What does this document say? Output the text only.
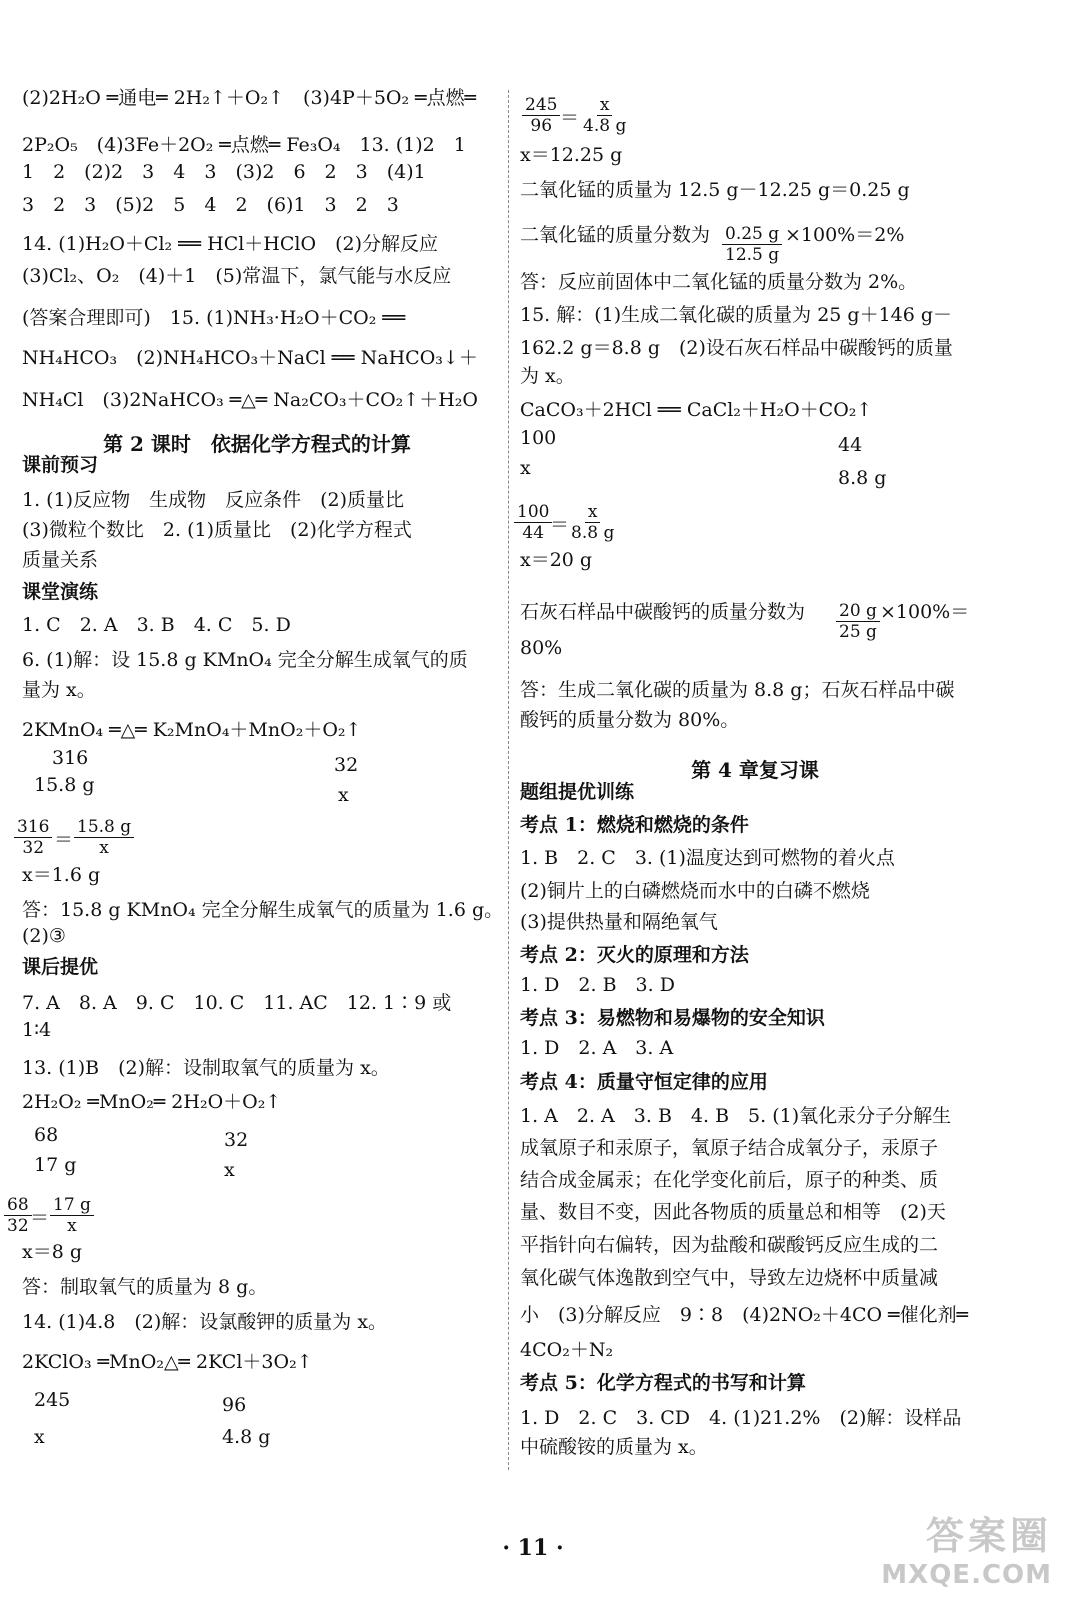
(2)2H₂O ═通电═ 2H₂↑＋O₂↑　(3)4P＋5O₂ ═点燃═
2P₂O₅　(4)3Fe＋2O₂ ═点燃═ Fe₃O₄　13. (1)2　1
1　2　(2)2　3　4　3　(3)2　6　2　3　(4)1
3　2　3　(5)2　5　4　2　(6)1　3　2　3
14. (1)H₂O＋Cl₂ ══ HCl＋HClO　(2)分解反应
(3)Cl₂、O₂　(4)＋1　(5)常温下，氯气能与水反应
(答案合理即可)　15. (1)NH₃·H₂O＋CO₂ ══
NH₄HCO₃　(2)NH₄HCO₃＋NaCl ══ NaHCO₃↓＋
NH₄Cl　(3)2NaHCO₃ ═△═ Na₂CO₃＋CO₂↑＋H₂O
课前预习
1. (1)反应物　生成物　反应条件　(2)质量比
(3)微粒个数比　2. (1)质量比　(2)化学方程式
质量关系
课堂演练
1. C　2. A　3. B　4. C　5. D
6. (1)解：设 15.8 g KMnO₄ 完全分解生成氧气的质
量为 x。
2KMnO₄ ═△═ K₂MnO₄＋MnO₂＋O₂↑
316	32
15.8 g	x
x＝1.6 g
答：15.8 g KMnO₄ 完全分解生成氧气的质量为 1.6 g。
(2)③
课后提优
7. A　8. A　9. C　10. C　11. AC　12. 1∶9 或
1∶4
13. (1)B　(2)解：设制取氧气的质量为 x。
2H₂O₂ ═MnO₂═ 2H₂O＋O₂↑
68	32
17 g	x
x＝8 g
答：制取氧气的质量为 8 g。
14. (1)4.8　(2)解：设氯酸钾的质量为 x。
2KClO₃ ═MnO₂△═ 2KCl＋3O₂↑
245	96
x	4.8 g
x＝12.25 g
二氧化锰的质量为 12.5 g－12.25 g＝0.25 g
二氧化锰的质量分数为	×100%＝2%
答：反应前固体中二氧化锰的质量分数为 2%。
15. 解：(1)生成二氧化碳的质量为 25 g＋146 g－
162.2 g＝8.8 g　(2)设石灰石样品中碳酸钙的质量
为 x。
CaCO₃＋2HCl ══ CaCl₂＋H₂O＋CO₂↑
100	44
x	8.8 g
x＝20 g
石灰石样品中碳酸钙的质量分数为	×100%＝
80%
答：生成二氧化碳的质量为 8.8 g；石灰石样品中碳
酸钙的质量分数为 80%。
题组提优训练
考点 1：燃烧和燃烧的条件
1. B　2. C　3. (1)温度达到可燃物的着火点
(2)铜片上的白磷燃烧而水中的白磷不燃烧
(3)提供热量和隔绝氧气
考点 2：灭火的原理和方法
1. D　2. B　3. D
考点 3：易燃物和易爆物的安全知识
1. D　2. A　3. A
考点 4：质量守恒定律的应用
1. A　2. A　3. B　4. B　5. (1)氧化汞分子分解生
成氧原子和汞原子，氧原子结合成氧分子，汞原子
结合成金属汞；在化学变化前后，原子的种类、质
量、数目不变，因此各物质的质量总和相等　(2)天
平指针向右偏转，因为盐酸和碳酸钙反应生成的二
氧化碳气体逸散到空气中，导致左边烧杯中质量减
小　(3)分解反应　9∶8　(4)2NO₂＋4CO ═催化剂═
4CO₂＋N₂
考点 5：化学方程式的书写和计算
1. D　2. C　3. CD　4. (1)21.2%　(2)解：设样品
中硫酸铵的质量为 x。
第 2 课时　依据化学方程式的计算
第 4 章复习课
$\frac{316}{32} = \frac{15.8 g}{x}$
$\frac{68}{32}$
＝ $\frac{17 g}{x}$
$\frac{245}{96} = \frac{x}{4.8 g}$
$\frac{0.25 g}{12.5 g}$
$\frac{100}{44}$
＝
$\frac{x}{8.8 g}$
$\frac{20 g}{25 g}$
· 11 ·	答案圈
MXQE.COM
